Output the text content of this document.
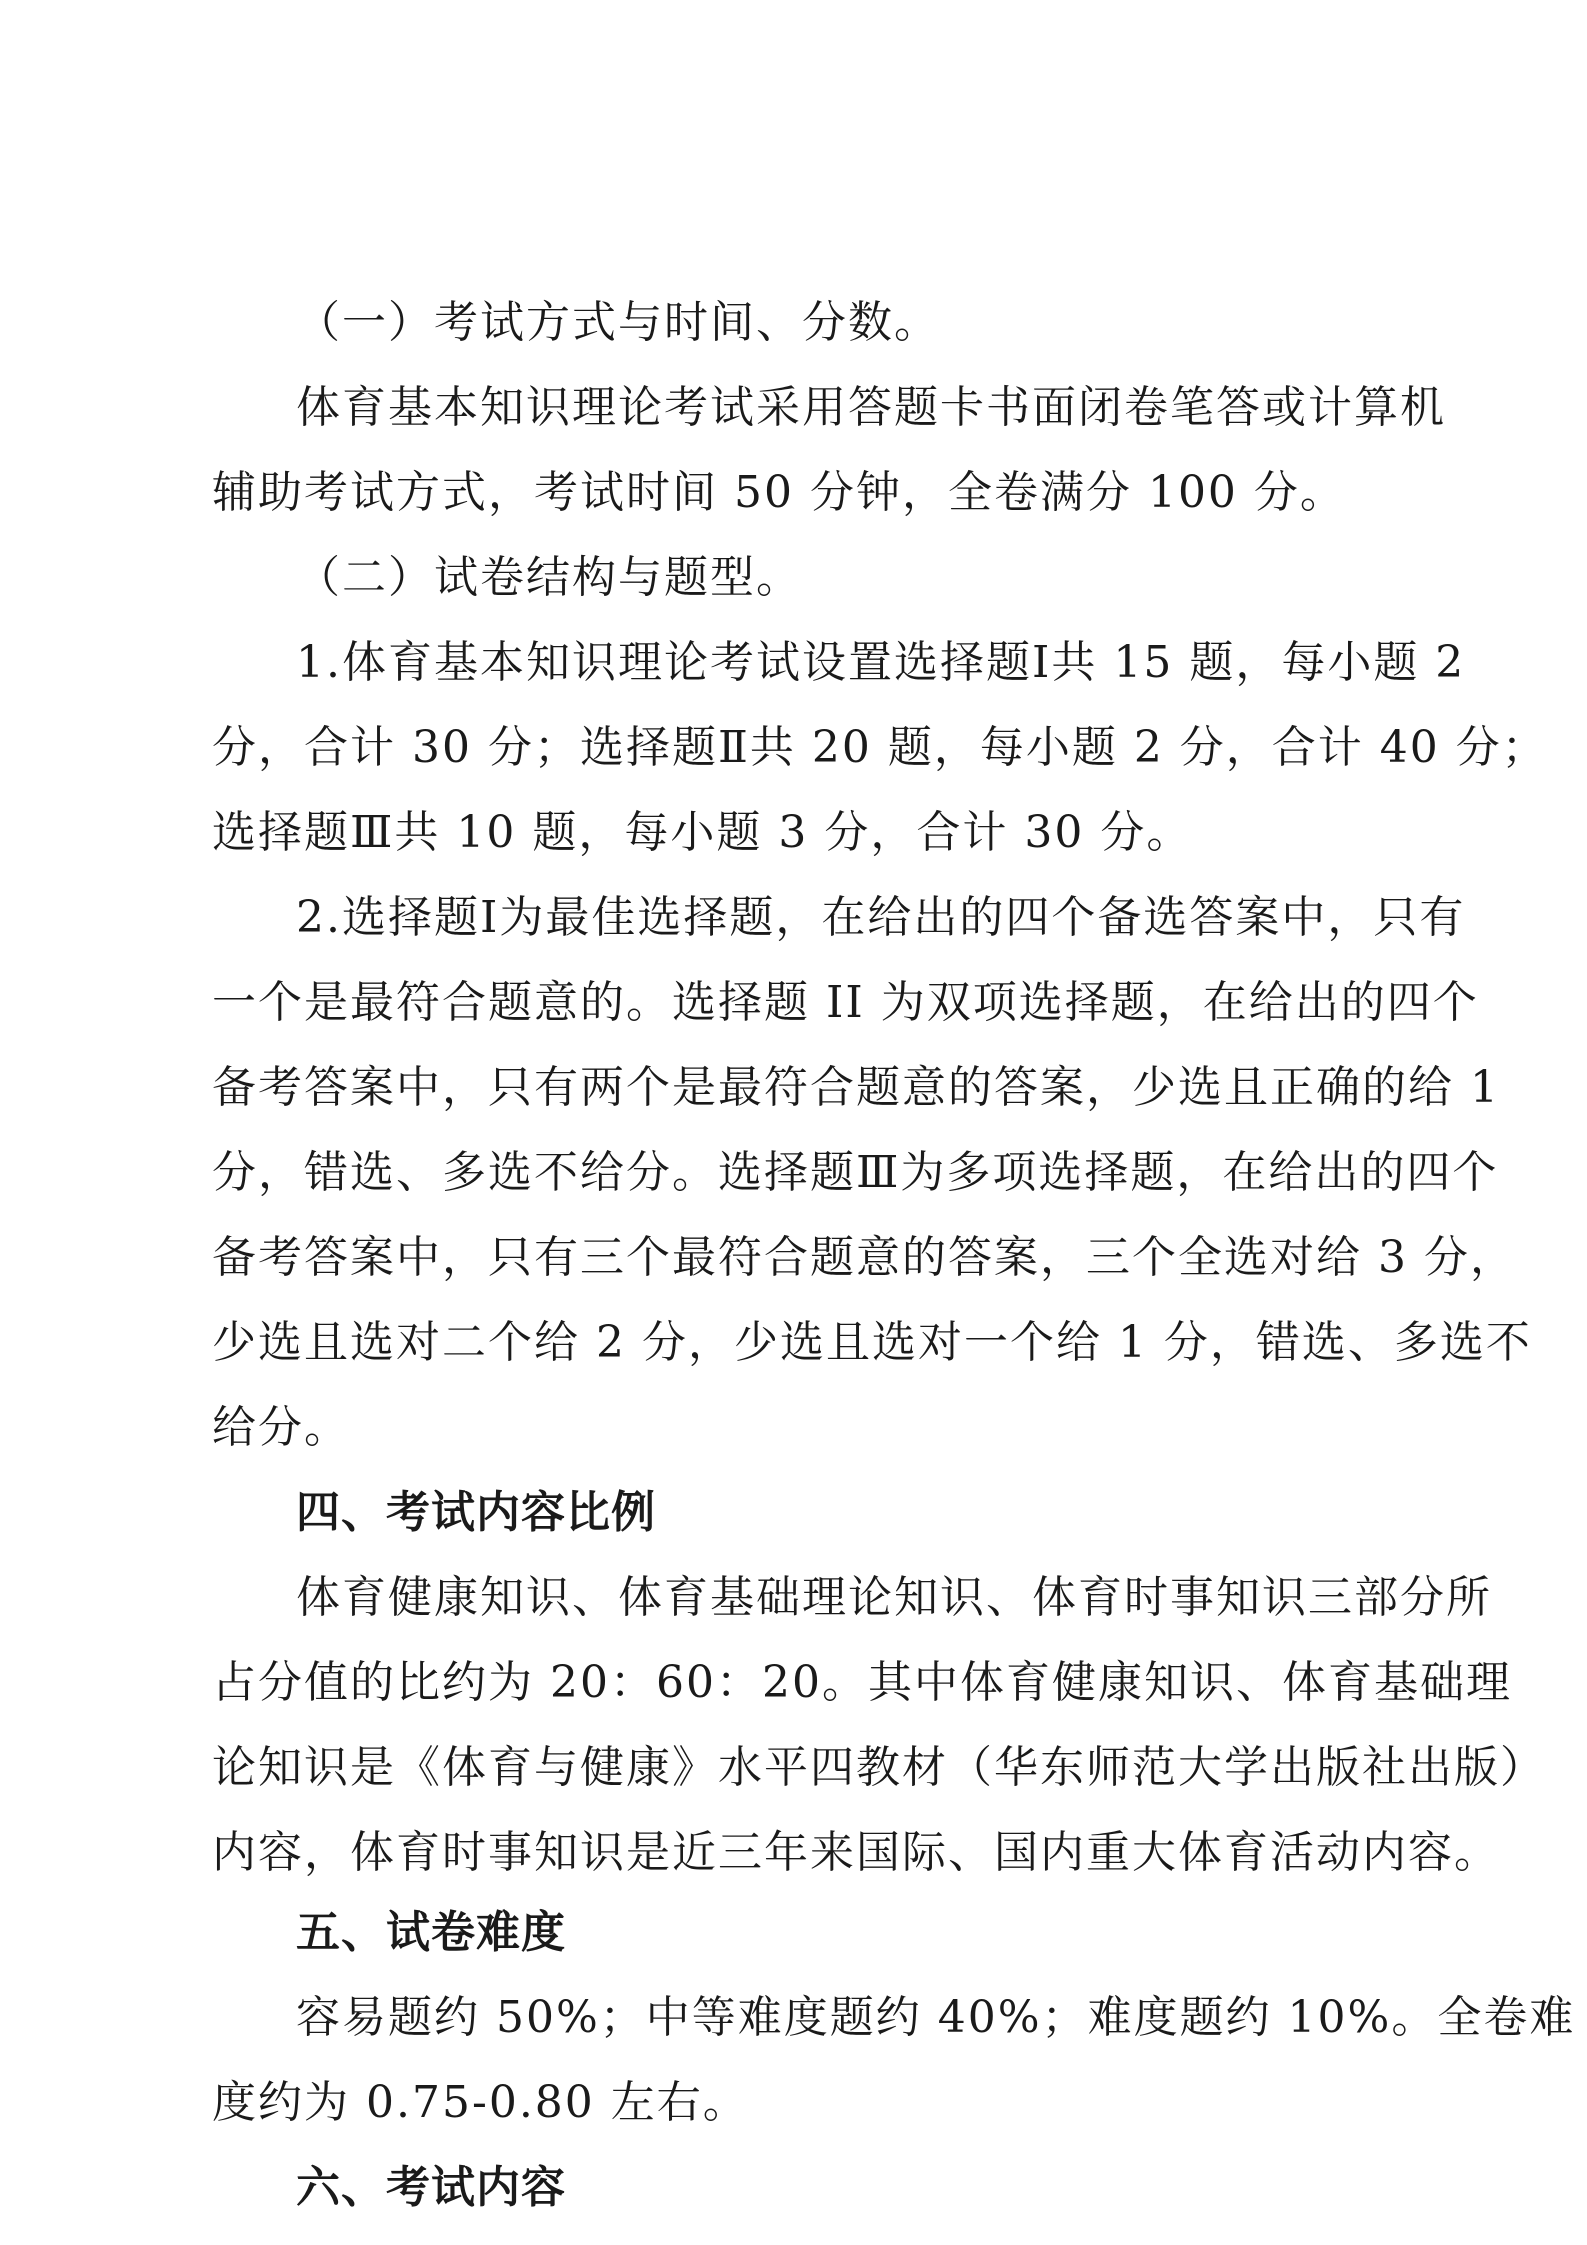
（一）考试方式与时间、分数。
体育基本知识理论考试采用答题卡书面闭卷笔答或计算机
辅助考试方式，考试时间 50 分钟，全卷满分 100 分。
（二）试卷结构与题型。
1.体育基本知识理论考试设置选择题Ⅰ共 15 题，每小题 2
分，合计 30 分；选择题Ⅱ共 20 题，每小题 2 分，合计 40 分；
选择题Ⅲ共 10 题，每小题 3 分，合计 30 分。
2.选择题Ⅰ为最佳选择题，在给出的四个备选答案中，只有
一个是最符合题意的。选择题 II 为双项选择题，在给出的四个
备考答案中，只有两个是最符合题意的答案，少选且正确的给 1
分，错选、多选不给分。选择题Ⅲ为多项选择题，在给出的四个
备考答案中，只有三个最符合题意的答案，三个全选对给 3 分，
少选且选对二个给 2 分，少选且选对一个给 1 分，错选、多选不
给分。
四、考试内容比例
体育健康知识、体育基础理论知识、体育时事知识三部分所
占分值的比约为 20：60：20。其中体育健康知识、体育基础理
论知识是《体育与健康》水平四教材（华东师范大学出版社出版）
内容，体育时事知识是近三年来国际、国内重大体育活动内容。
五、试卷难度
容易题约 50%；中等难度题约 40%；难度题约 10%。全卷难
度约为 0.75-0.80 左右。
六、考试内容
